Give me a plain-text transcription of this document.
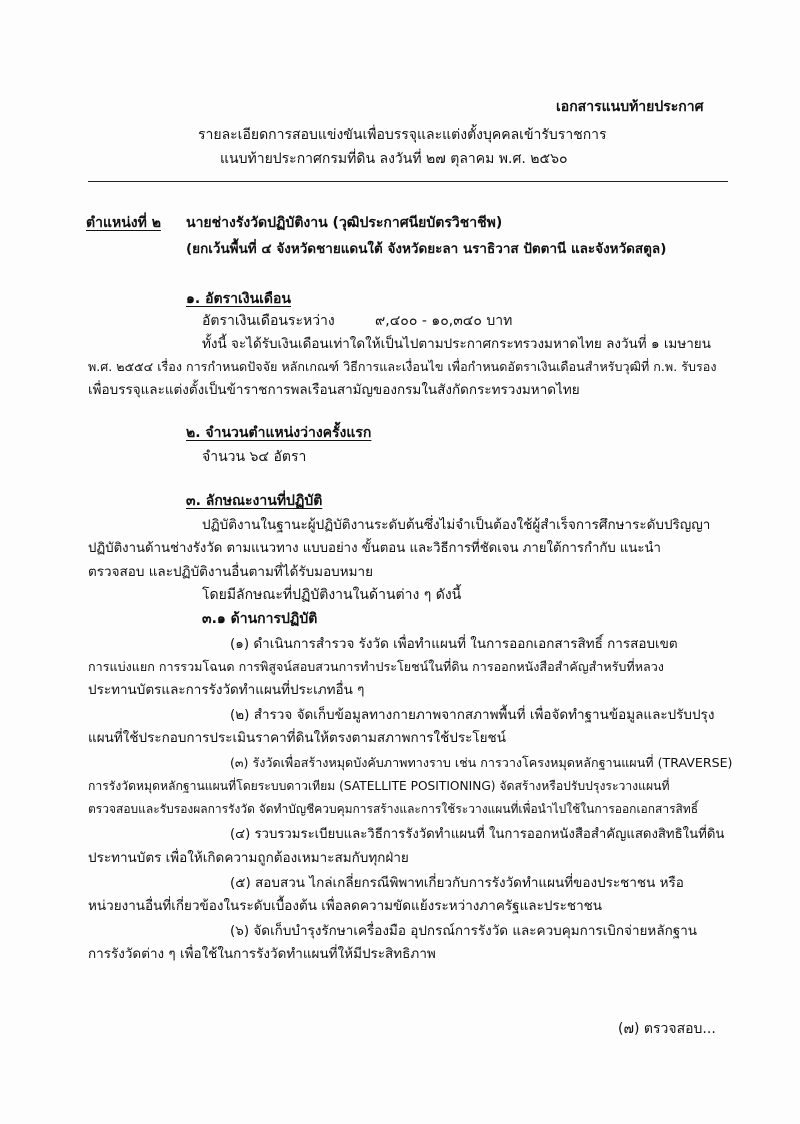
เอกสารแนบท้ายประกาศ
รายละเอียดการสอบแข่งขันเพื่อบรรจุและแต่งตั้งบุคคลเข้ารับราชการ
แนบท้ายประกาศกรมที่ดิน ลงวันที่ ๒๗ ตุลาคม พ.ศ. ๒๕๖๐
ตำแหน่งที่ ๒ นายช่างรังวัดปฏิบัติงาน (วุฒิประกาศนียบัตรวิชาชีพ)
(ยกเว้นพื้นที่ ๔ จังหวัดชายแดนใต้ จังหวัดยะลา นราธิวาส ปัตตานี และจังหวัดสตูล)
๑. อัตราเงินเดือน
อัตราเงินเดือนระหว่าง	๙,๔๐๐ - ๑๐,๓๔๐ บาท
ทั้งนี้ จะได้รับเงินเดือนเท่าใดให้เป็นไปตามประกาศกระทรวงมหาดไทย ลงวันที่ ๑ เมษายน
พ.ศ. ๒๕๕๔ เรื่อง การกำหนดปัจจัย หลักเกณฑ์ วิธีการและเงื่อนไข เพื่อกำหนดอัตราเงินเดือนสำหรับวุฒิที่ ก.พ. รับรอง
เพื่อบรรจุและแต่งตั้งเป็นข้าราชการพลเรือนสามัญของกรมในสังกัดกระทรวงมหาดไทย
๒. จำนวนตำแหน่งว่างครั้งแรก
จำนวน ๖๔ อัตรา
๓. ลักษณะงานที่ปฏิบัติ
ปฏิบัติงานในฐานะผู้ปฏิบัติงานระดับต้นซึ่งไม่จำเป็นต้องใช้ผู้สำเร็จการศึกษาระดับปริญญา
ปฏิบัติงานด้านช่างรังวัด ตามแนวทาง แบบอย่าง ขั้นตอน และวิธีการที่ชัดเจน ภายใต้การกำกับ แนะนำ
ตรวจสอบ และปฏิบัติงานอื่นตามที่ได้รับมอบหมาย
โดยมีลักษณะที่ปฏิบัติงานในด้านต่าง ๆ ดังนี้
๓.๑ ด้านการปฏิบัติ
(๑) ดำเนินการสำรวจ รังวัด เพื่อทำแผนที่ ในการออกเอกสารสิทธิ์ การสอบเขต
การแบ่งแยก การรวมโฉนด การพิสูจน์สอบสวนการทำประโยชน์ในที่ดิน การออกหนังสือสำคัญสำหรับที่หลวง
ประทานบัตรและการรังวัดทำแผนที่ประเภทอื่น ๆ
(๒) สำรวจ จัดเก็บข้อมูลทางกายภาพจากสภาพพื้นที่ เพื่อจัดทำฐานข้อมูลและปรับปรุง
แผนที่ใช้ประกอบการประเมินราคาที่ดินให้ตรงตามสภาพการใช้ประโยชน์
(๓) รังวัดเพื่อสร้างหมุดบังคับภาพทางราบ เช่น การวางโครงหมุดหลักฐานแผนที่ (TRAVERSE)
การรังวัดหมุดหลักฐานแผนที่โดยระบบดาวเทียม (SATELLITE POSITIONING) จัดสร้างหรือปรับปรุงระวางแผนที่
ตรวจสอบและรับรองผลการรังวัด จัดทำบัญชีควบคุมการสร้างและการใช้ระวางแผนที่เพื่อนำไปใช้ในการออกเอกสารสิทธิ์
(๔) รวบรวมระเบียบและวิธีการรังวัดทำแผนที่ ในการออกหนังสือสำคัญแสดงสิทธิในที่ดิน
ประทานบัตร เพื่อให้เกิดความถูกต้องเหมาะสมกับทุกฝ่าย
(๕) สอบสวน ไกล่เกลี่ยกรณีพิพาทเกี่ยวกับการรังวัดทำแผนที่ของประชาชน หรือ
หน่วยงานอื่นที่เกี่ยวข้องในระดับเบื้องต้น เพื่อลดความขัดแย้งระหว่างภาครัฐและประชาชน
(๖) จัดเก็บบำรุงรักษาเครื่องมือ อุปกรณ์การรังวัด และควบคุมการเบิกจ่ายหลักฐาน
การรังวัดต่าง ๆ เพื่อใช้ในการรังวัดทำแผนที่ให้มีประสิทธิภาพ
(๗) ตรวจสอบ...
